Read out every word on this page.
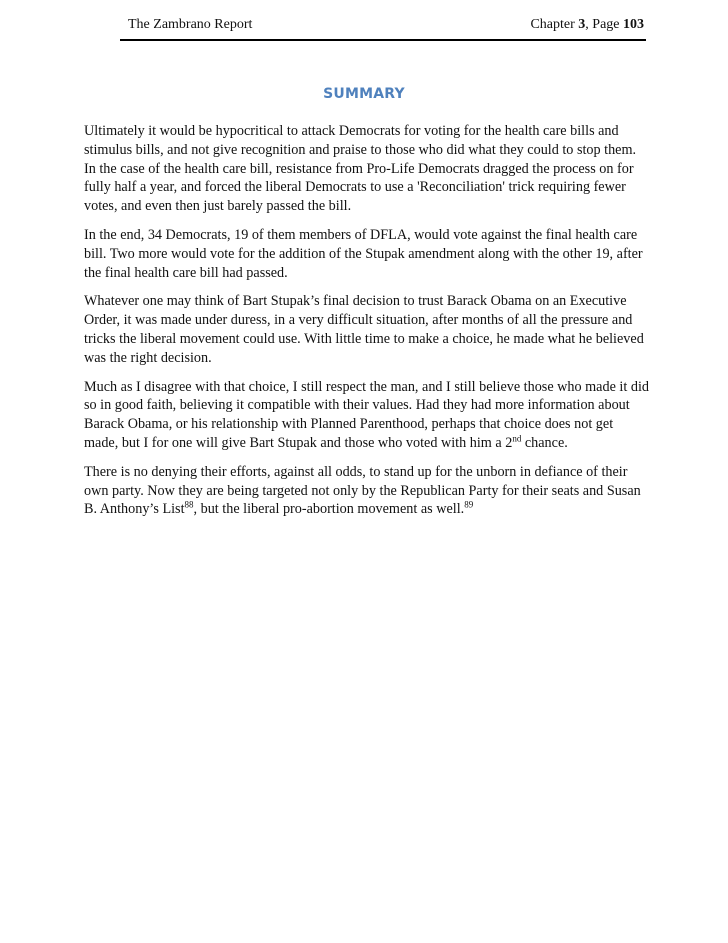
The Zambrano Report	Chapter 3, Page 103
SUMMARY

Ultimately it would be hypocritical to attack Democrats for voting for the health care bills and stimulus bills, and not give recognition and praise to those who did what they could to stop them. In the case of the health care bill, resistance from Pro-Life Democrats dragged the process on for fully half a year, and forced the liberal Democrats to use a 'Reconciliation' trick requiring fewer votes, and even then just barely passed the bill.

In the end, 34 Democrats, 19 of them members of DFLA, would vote against the final health care bill. Two more would vote for the addition of the Stupak amendment along with the other 19, after the final health care bill had passed.

Whatever one may think of Bart Stupak’s final decision to trust Barack Obama on an Executive Order, it was made under duress, in a very difficult situation, after months of all the pressure and tricks the liberal movement could use. With little time to make a choice, he made what he believed was the right decision.

Much as I disagree with that choice, I still respect the man, and I still believe those who made it did so in good faith, believing it compatible with their values. Had they had more information about Barack Obama, or his relationship with Planned Parenthood, perhaps that choice does not get made, but I for one will give Bart Stupak and those who voted with him a 2nd chance.

There is no denying their efforts, against all odds, to stand up for the unborn in defiance of their own party. Now they are being targeted not only by the Republican Party for their seats and Susan B. Anthony’s List$^{88}$, but the liberal pro-abortion movement as well.$^{89}$
